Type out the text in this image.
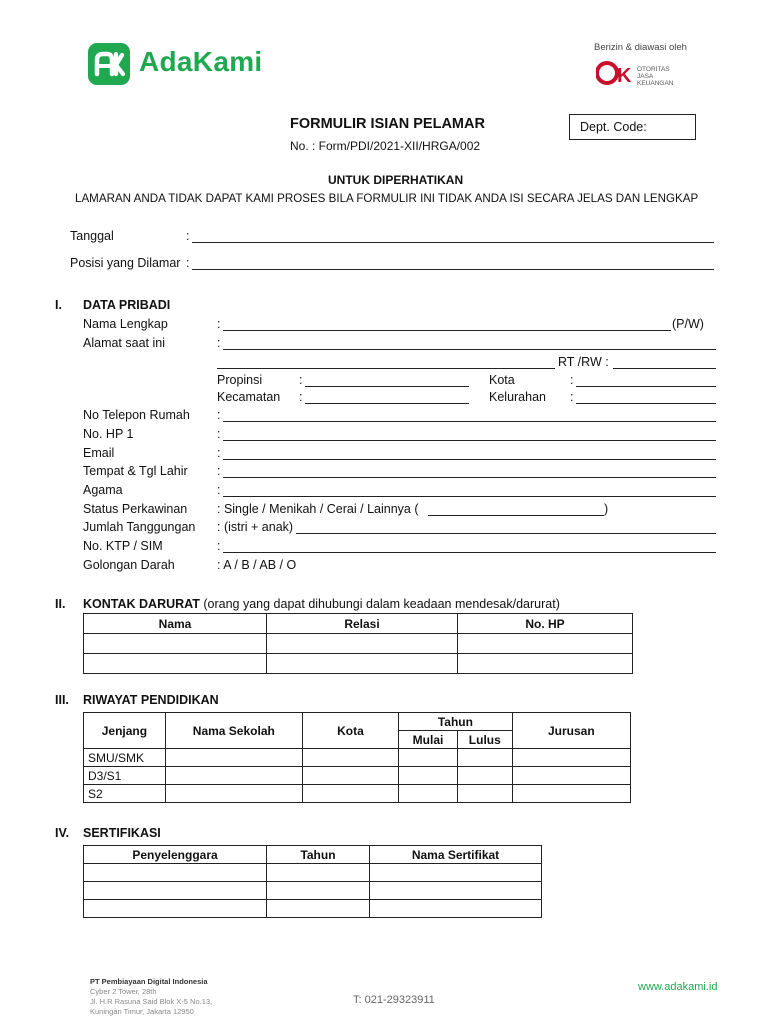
AdaKami	Berizin & diawasi oleh
K OTORITAS
JASA
KEUANGAN
FORMULIR ISIAN PELAMAR
No. : Form/PDI/2021-XII/HRGA/002
Dept. Code:
UNTUK DIPERHATIKAN
LAMARAN ANDA TIDAK DAPAT KAMI PROSES BILA FORMULIR INI TIDAK ANDA ISI SECARA JELAS DAN LENGKAP
Tanggal	:
Posisi yang Dilamar :
I. DATA PRIBADI
Nama Lengkap	:	(P/W)
Alamat saat ini	:
RT /RW :
Propinsi	:	Kota	:
Kecamatan :	Kelurahan :
No Telepon Rumah :
No. HP 1	:
Email	:
Tempat & Tgl Lahir :
Agama	:
Status Perkawinan : Single / Menikah / Cerai / Lainnya (	)
Jumlah Tanggungan : (istri + anak)
No. KTP / SIM	:
Golongan Darah	: A / B / AB / O
II. KONTAK DARURAT (orang yang dapat dihubungi dalam keadaan mendesak/darurat)
Nama	Relasi	No. HP

III. RIWAYAT PENDIDIKAN
Jenjang	Nama Sekolah	Kota	Tahun		Jurusan
			Mulai	Lulus	
SMU/SMK					
D3/S1					
S2					
IV. SERTIFIKASI
Penyelenggara	Tahun	Nama Sertifikat

PT Pembiayaan Digital Indonesia
Cyber 2 Tower, 28th
Jl. H.R Rasuna Said Blok X-5 No.13,
Kuningan Timur, Jakarta 12950
T: 021-29323911
www.adakami.id
